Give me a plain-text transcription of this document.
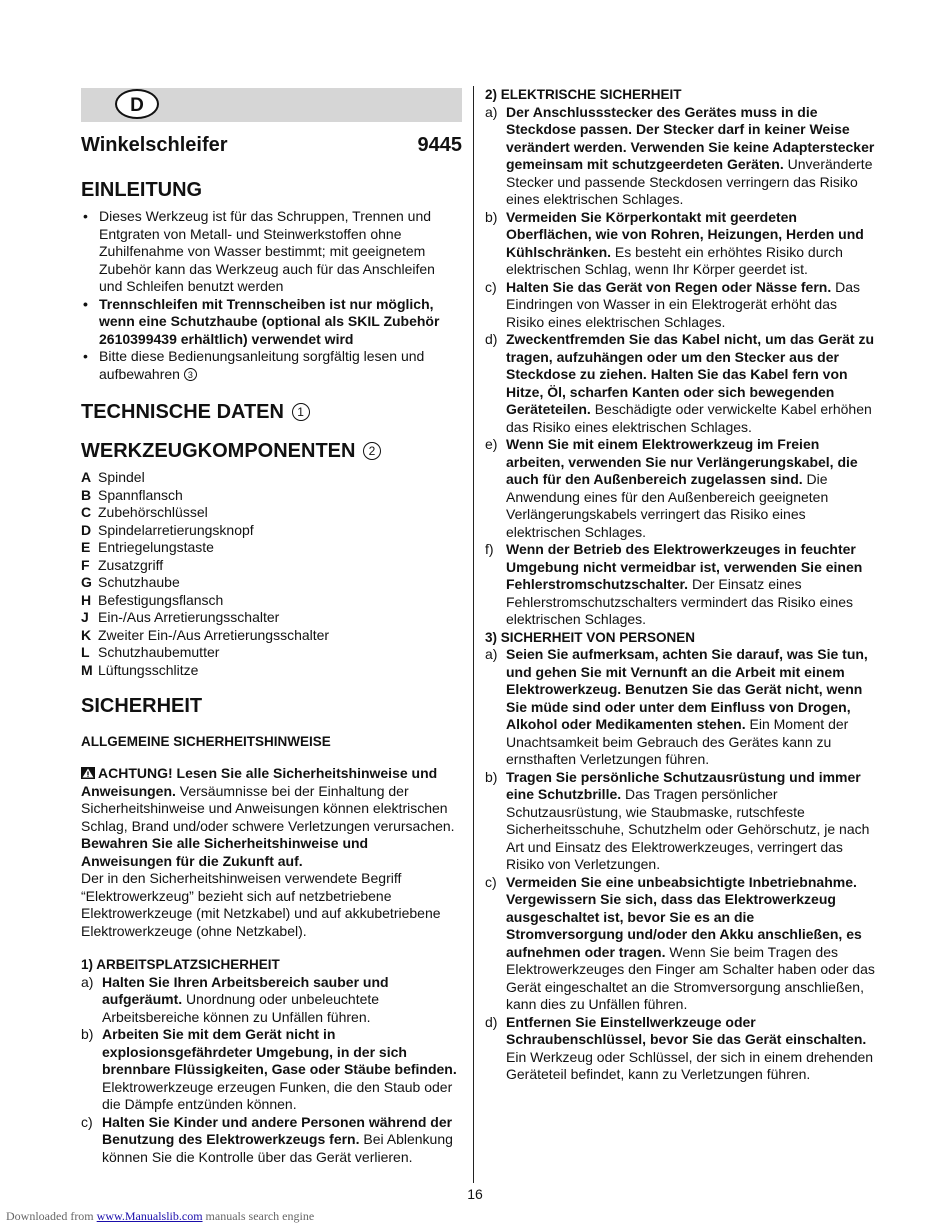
D
Winkelschleifer	9445
EINLEITUNG
• Dieses Werkzeug ist für das Schruppen, Trennen und Entgraten von Metall- und Steinwerkstoffen ohne Zuhilfenahme von Wasser bestimmt; mit geeignetem Zubehör kann das Werkzeug auch für das Anschleifen und Schleifen benutzt werden
• Trennschleifen mit Trennscheiben ist nur möglich, wenn eine Schutzhaube (optional als SKIL Zubehör 2610399439 erhältlich) verwendet wird
• Bitte diese Bedienungsanleitung sorgfältig lesen und aufbewahren 3
TECHNISCHE DATEN 1
WERKZEUGKOMPONENTEN 2
A Spindel
B Spannflansch
C Zubehörschlüssel
D Spindelarretierungsknopf
E Entriegelungstaste
F Zusatzgriff
G Schutzhaube
H Befestigungsflansch
J Ein-/Aus Arretierungsschalter
K Zweiter Ein-/Aus Arretierungsschalter
L Schutzhaubemutter
M Lüftungsschlitze
SICHERHEIT
ALLGEMEINE SICHERHEITSHINWEISE
ACHTUNG! Lesen Sie alle Sicherheitshinweise und Anweisungen. Versäumnisse bei der Einhaltung der Sicherheitshinweise und Anweisungen können elektrischen Schlag, Brand und/oder schwere Verletzungen verursachen. Bewahren Sie alle Sicherheitshinweise und Anweisungen für die Zukunft auf.
Der in den Sicherheitshinweisen verwendete Begriff “Elektrowerkzeug” bezieht sich auf netzbetriebene Elektrowerkzeuge (mit Netzkabel) und auf akkubetriebene Elektrowerkzeuge (ohne Netzkabel).
1) ARBEITSPLATZSICHERHEIT
a) Halten Sie Ihren Arbeitsbereich sauber und aufgeräumt. Unordnung oder unbeleuchtete Arbeitsbereiche können zu Unfällen führen.
b) Arbeiten Sie mit dem Gerät nicht in explosionsgefährdeter Umgebung, in der sich brennbare Flüssigkeiten, Gase oder Stäube befinden. Elektrowerkzeuge erzeugen Funken, die den Staub oder die Dämpfe entzünden können.
c) Halten Sie Kinder und andere Personen während der Benutzung des Elektrowerkzeugs fern. Bei Ablenkung können Sie die Kontrolle über das Gerät verlieren.
2) ELEKTRISCHE SICHERHEIT
a) Der Anschlussstecker des Gerätes muss in die Steckdose passen. Der Stecker darf in keiner Weise verändert werden. Verwenden Sie keine Adapterstecker gemeinsam mit schutzgeerdeten Geräten. Unveränderte Stecker und passende Steckdosen verringern das Risiko eines elektrischen Schlages.
b) Vermeiden Sie Körperkontakt mit geerdeten Oberflächen, wie von Rohren, Heizungen, Herden und Kühlschränken. Es besteht ein erhöhtes Risiko durch elektrischen Schlag, wenn Ihr Körper geerdet ist.
c) Halten Sie das Gerät von Regen oder Nässe fern. Das Eindringen von Wasser in ein Elektrogerät erhöht das Risiko eines elektrischen Schlages.
d) Zweckentfremden Sie das Kabel nicht, um das Gerät zu tragen, aufzuhängen oder um den Stecker aus der Steckdose zu ziehen. Halten Sie das Kabel fern von Hitze, Öl, scharfen Kanten oder sich bewegenden Geräteteilen. Beschädigte oder verwickelte Kabel erhöhen das Risiko eines elektrischen Schlages.
e) Wenn Sie mit einem Elektrowerkzeug im Freien arbeiten, verwenden Sie nur Verlängerungskabel, die auch für den Außenbereich zugelassen sind. Die Anwendung eines für den Außenbereich geeigneten Verlängerungskabels verringert das Risiko eines elektrischen Schlages.
f) Wenn der Betrieb des Elektrowerkzeuges in feuchter Umgebung nicht vermeidbar ist, verwenden Sie einen Fehlerstromschutzschalter. Der Einsatz eines Fehlerstromschutzschalters vermindert das Risiko eines elektrischen Schlages.
3) SICHERHEIT VON PERSONEN
a) Seien Sie aufmerksam, achten Sie darauf, was Sie tun, und gehen Sie mit Vernunft an die Arbeit mit einem Elektrowerkzeug. Benutzen Sie das Gerät nicht, wenn Sie müde sind oder unter dem Einfluss von Drogen, Alkohol oder Medikamenten stehen. Ein Moment der Unachtsamkeit beim Gebrauch des Gerätes kann zu ernsthaften Verletzungen führen.
b) Tragen Sie persönliche Schutzausrüstung und immer eine Schutzbrille. Das Tragen persönlicher Schutzausrüstung, wie Staubmaske, rutschfeste Sicherheitsschuhe, Schutzhelm oder Gehörschutz, je nach Art und Einsatz des Elektrowerkzeuges, verringert das Risiko von Verletzungen.
c) Vermeiden Sie eine unbeabsichtigte Inbetriebnahme. Vergewissern Sie sich, dass das Elektrowerkzeug ausgeschaltet ist, bevor Sie es an die Stromversorgung und/oder den Akku anschließen, es aufnehmen oder tragen. Wenn Sie beim Tragen des Elektrowerkzeuges den Finger am Schalter haben oder das Gerät eingeschaltet an die Stromversorgung anschließen, kann dies zu Unfällen führen.
d) Entfernen Sie Einstellwerkzeuge oder Schraubenschlüssel, bevor Sie das Gerät einschalten. Ein Werkzeug oder Schlüssel, der sich in einem drehenden Geräteteil befindet, kann zu Verletzungen führen.
16
Downloaded from www.Manualslib.com manuals search engine
